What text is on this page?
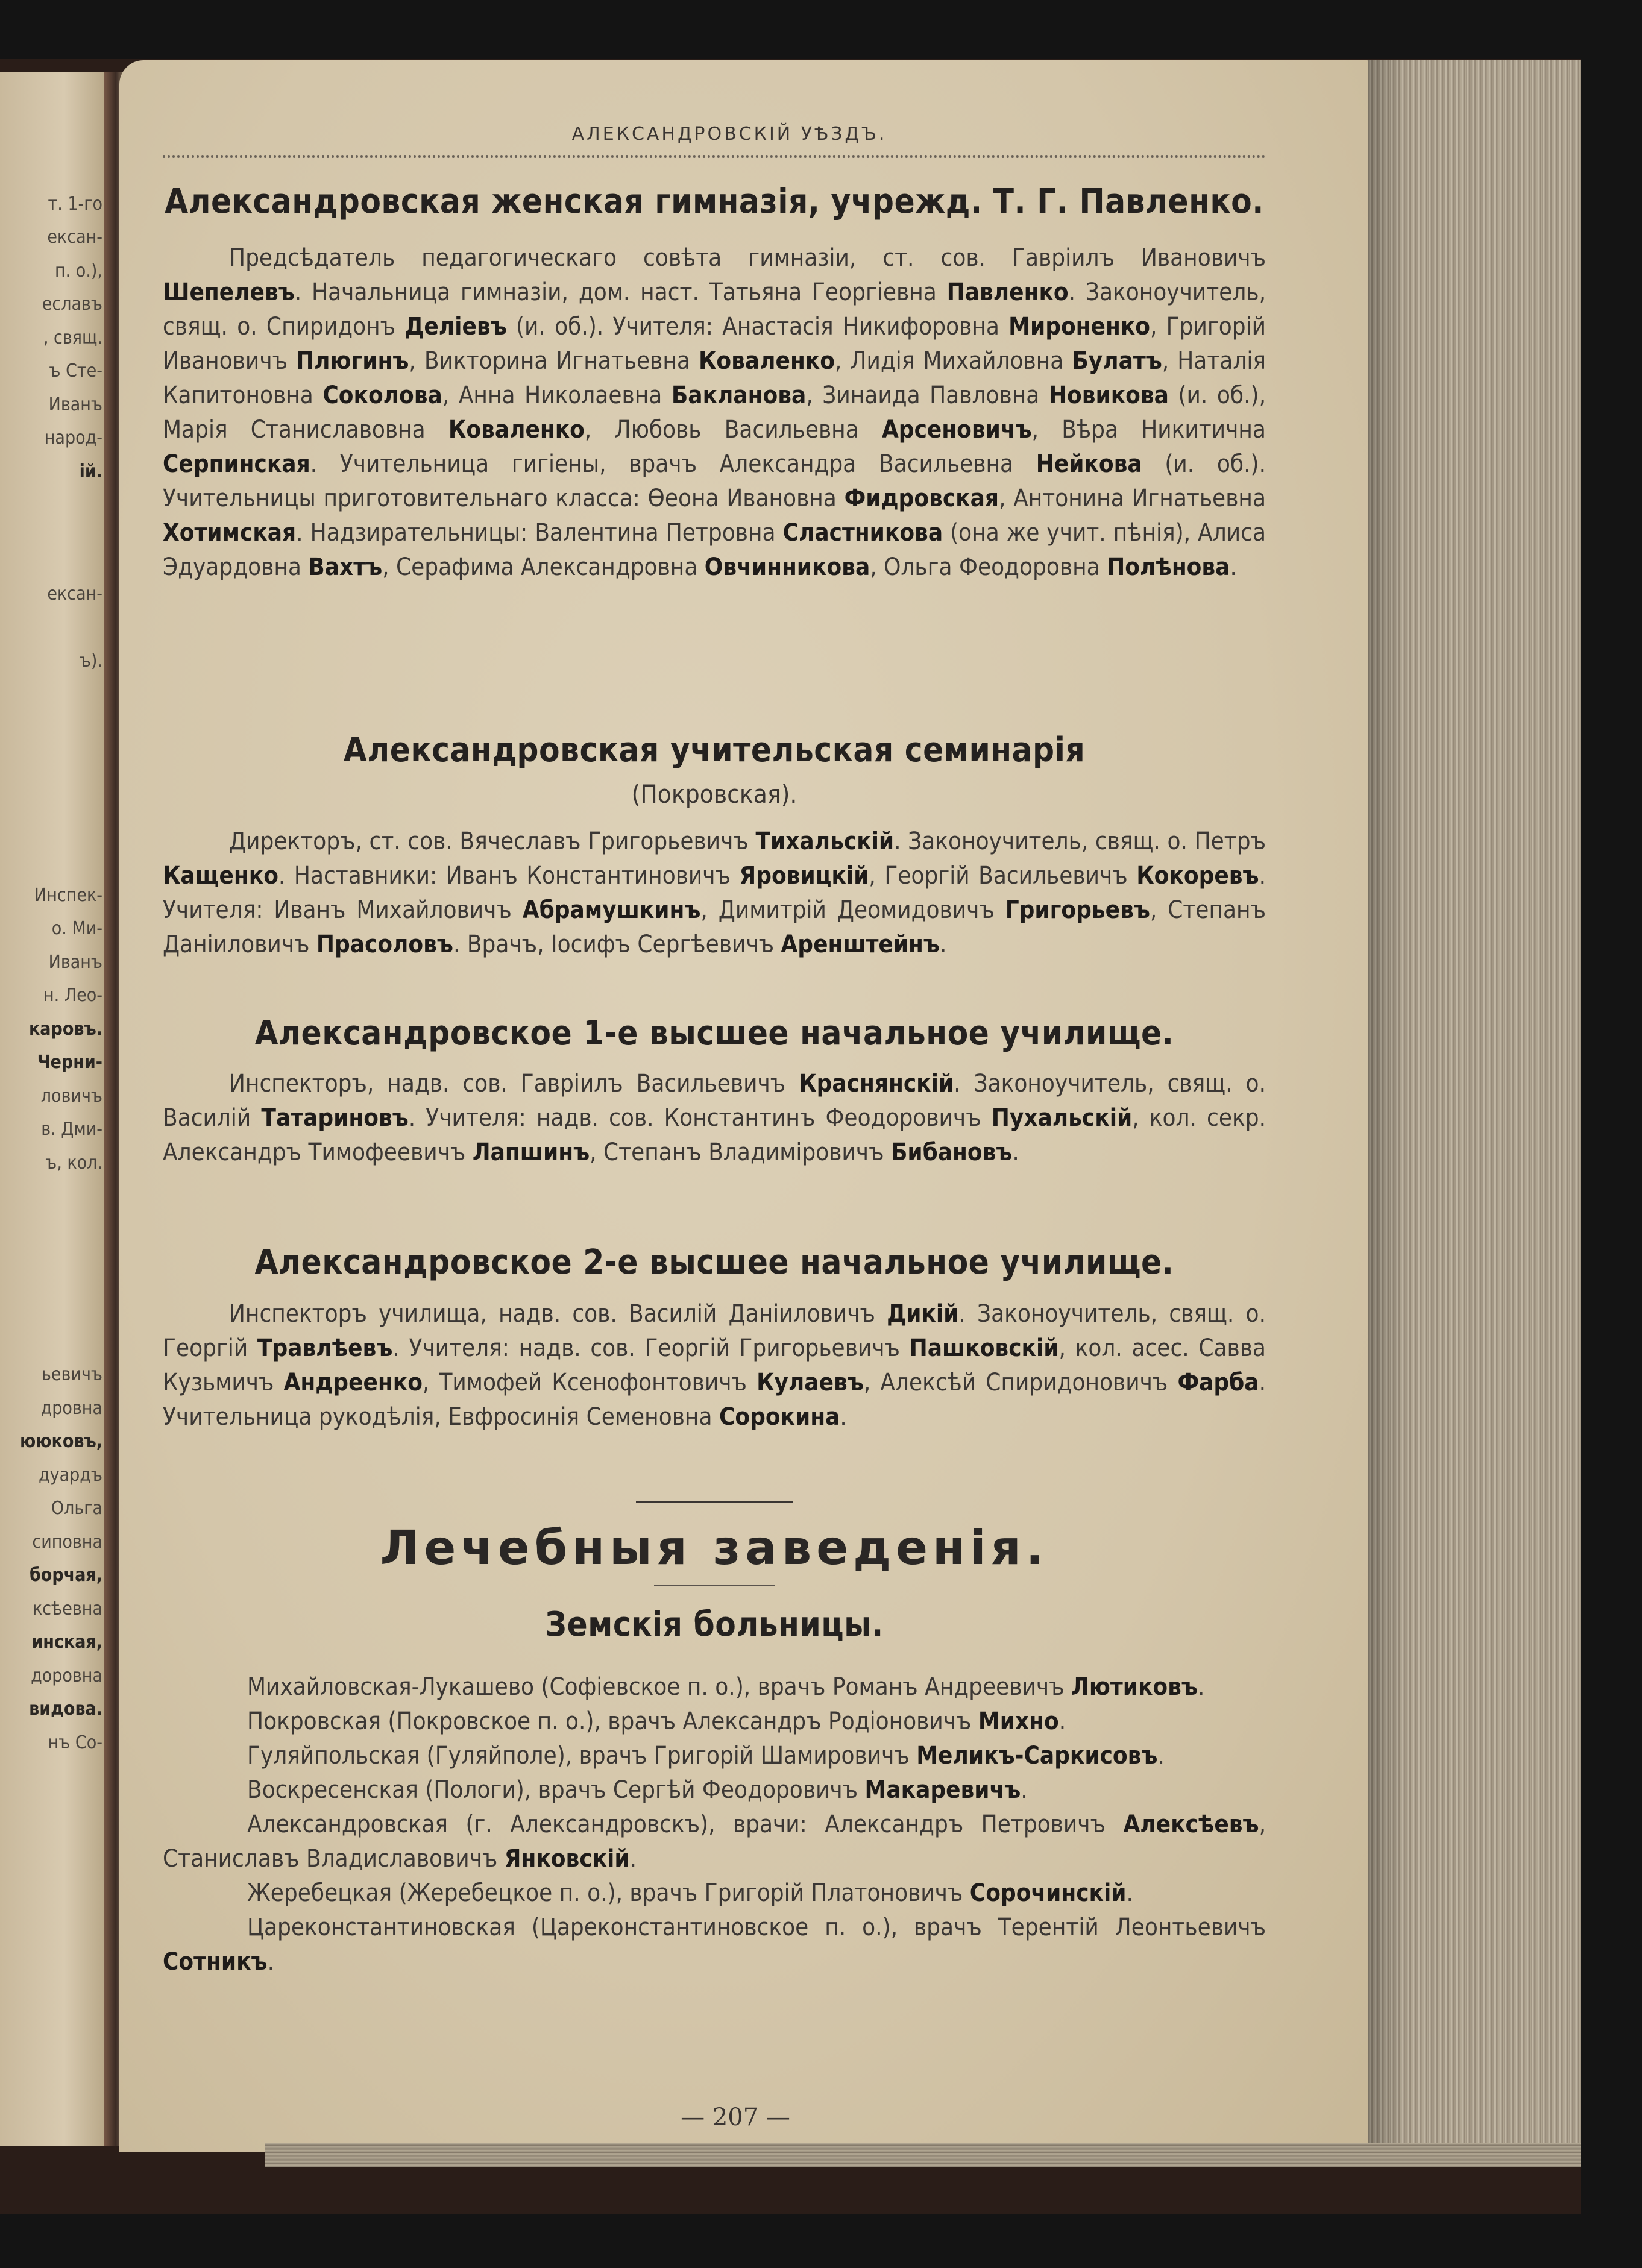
т. 1-го
ексан-
п. о.),
еславъ
, свящ.
ъ Сте-
Иванъ
народ-
ій.
ексан-
ъ).
Инспек-
о. Ми-
Иванъ
н. Лео-
каровъ.
Черни-
ловичъ
в. Дми-
ъ, кол.
ьевичъ
дровна
ююковъ,
дуардъ
Ольга
сиповна
борчая,
ксѣевна
инская,
доровна
видова.
нъ Со-
АЛЕКСАНДРОВСКІЙ УѢЗДЪ.
Александровская женская гимназія, учрежд. Т. Г. Павленко.

Предсѣдатель педагогическаго совѣта гимназіи, ст. сов. Гавріилъ Ивановичъ Шепелевъ. Начальница гимназіи, дом. наст. Татьяна Георгіевна Павленко. Законоучитель, свящ. о. Спиридонъ Деліевъ (и. об.). Учителя: Анастасія Никифоровна Мироненко, Григорій Ивановичъ Плюгинъ, Викторина Игнатьевна Коваленко, Лидія Михайловна Булатъ, Наталія Капитоновна Соколова, Анна Николаевна Бакланова, Зинаида Павловна Новикова (и. об.), Марія Станиславовна Коваленко, Любовь Васильевна Арсеновичъ, Вѣра Никитична Серпинская. Учительница гигіены, врачъ Александра Васильевна Нейкова (и. об.). Учительницы приготовительнаго класса: Ѳеона Ивановна Фидровская, Антонина Игнатьевна Хотимская. Надзирательницы: Валентина Петровна Сластникова (она же учит. пѣнія), Алиса Эдуардовна Вахтъ, Серафима Александровна Овчинникова, Ольга Феодоровна Полѣнова.

Александровская учительская семинарія
(Покровская).

Директоръ, ст. сов. Вячеславъ Григорьевичъ Тихальскій. Законоучитель, свящ. о. Петръ Кащенко. Наставники: Иванъ Константиновичъ Яровицкій, Георгій Васильевичъ Кокоревъ. Учителя: Иванъ Михайловичъ Абрамушкинъ, Димитрій Деомидовичъ Григорьевъ, Степанъ Даніиловичъ Прасоловъ. Врачъ, Іосифъ Сергѣевичъ Аренштейнъ.

Александровское 1-е высшее начальное училище.

Инспекторъ, надв. сов. Гавріилъ Васильевичъ Краснянскій. Законоучитель, свящ. о. Василій Татариновъ. Учителя: надв. сов. Константинъ Феодоровичъ Пухальскій, кол. секр. Александръ Тимофеевичъ Лапшинъ, Степанъ Владиміровичъ Бибановъ.

Александровское 2-е высшее начальное училище.

Инспекторъ училища, надв. сов. Василій Даніиловичъ Дикій. Законоучитель, свящ. о. Георгій Травлѣевъ. Учителя: надв. сов. Георгій Григорьевичъ Пашковскій, кол. асес. Савва Кузьмичъ Андреенко, Тимофей Ксенофонтовичъ Кулаевъ, Алексѣй Спиридоновичъ Фарба. Учительница рукодѣлія, Евфросинія Семеновна Сорокина.

Лечебныя заведенія.
Земскія больницы.

Михайловская-Лукашево (Софіевское п. о.), врачъ Романъ Андреевичъ Лютиковъ.

Покровская (Покровское п. о.), врачъ Александръ Родіоновичъ Михно.

Гуляйпольская (Гуляйполе), врачъ Григорій Шамировичъ Меликъ-Саркисовъ.

Воскресенская (Пологи), врачъ Сергѣй Феодоровичъ Макаревичъ.

Александровская (г. Александровскъ), врачи: Александръ Петровичъ Алексѣевъ, Станиславъ Владиславовичъ Янковскій.

Жеребецкая (Жеребецкое п. о.), врачъ Григорій Платоновичъ Сорочинскій.

Цареконстантиновская (Цареконстантиновское п. о.), врачъ Терентій Леонтьевичъ Сотникъ.

— 207 —
